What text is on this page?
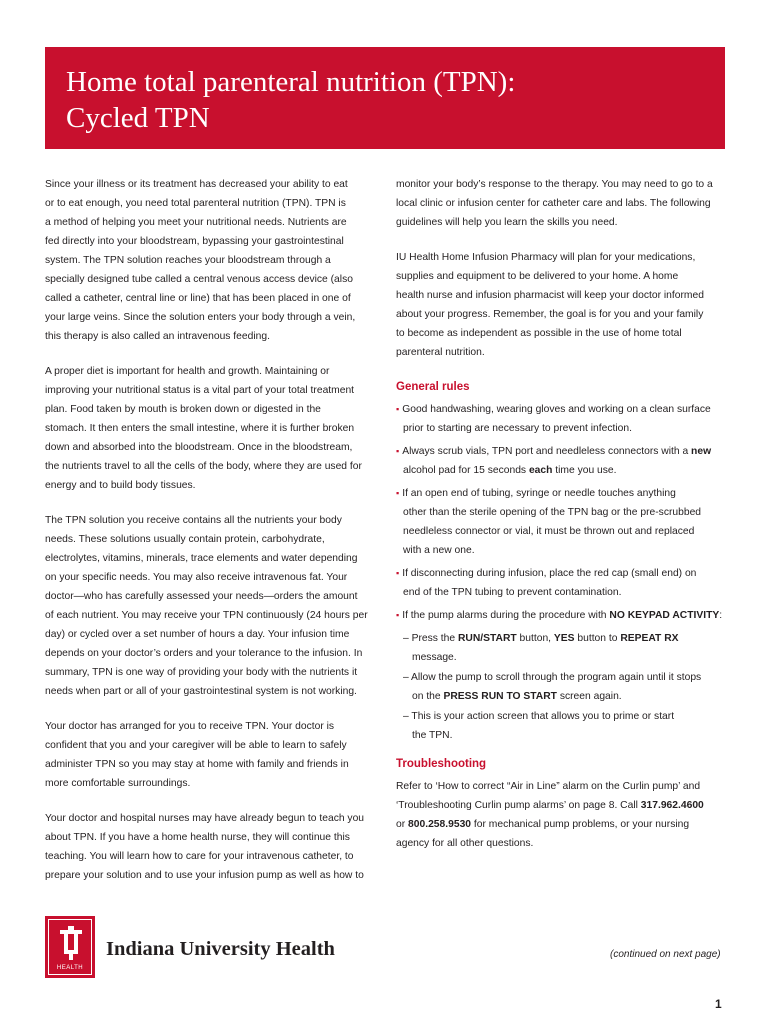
Home total parenteral nutrition (TPN):
Cycled TPN
Since your illness or its treatment has decreased your ability to eat
or to eat enough, you need total parenteral nutrition (TPN). TPN is
a method of helping you meet your nutritional needs. Nutrients are
fed directly into your bloodstream, bypassing your gastrointestinal
system. The TPN solution reaches your bloodstream through a
specially designed tube called a central venous access device (also
called a catheter, central line or line) that has been placed in one of
your large veins. Since the solution enters your body through a vein,
this therapy is also called an intravenous feeding.
A proper diet is important for health and growth. Maintaining or
improving your nutritional status is a vital part of your total treatment
plan. Food taken by mouth is broken down or digested in the
stomach. It then enters the small intestine, where it is further broken
down and absorbed into the bloodstream. Once in the bloodstream,
the nutrients travel to all the cells of the body, where they are used for
energy and to build body tissues.
The TPN solution you receive contains all the nutrients your body
needs. These solutions usually contain protein, carbohydrate,
electrolytes, vitamins, minerals, trace elements and water depending
on your specific needs. You may also receive intravenous fat. Your
doctor—who has carefully assessed your needs—orders the amount
of each nutrient. You may receive your TPN continuously (24 hours per
day) or cycled over a set number of hours a day. Your infusion time
depends on your doctor’s orders and your tolerance to the infusion. In
summary, TPN is one way of providing your body with the nutrients it
needs when part or all of your gastrointestinal system is not working.
Your doctor has arranged for you to receive TPN. Your doctor is
confident that you and your caregiver will be able to learn to safely
administer TPN so you may stay at home with family and friends in
more comfortable surroundings.
Your doctor and hospital nurses may have already begun to teach you
about TPN. If you have a home health nurse, they will continue this
teaching. You will learn how to care for your intravenous catheter, to
prepare your solution and to use your infusion pump as well as how to
monitor your body’s response to the therapy. You may need to go to a
local clinic or infusion center for catheter care and labs. The following
guidelines will help you learn the skills you need.
IU Health Home Infusion Pharmacy will plan for your medications,
supplies and equipment to be delivered to your home. A home
health nurse and infusion pharmacist will keep your doctor informed
about your progress. Remember, the goal is for you and your family
to become as independent as possible in the use of home total
parenteral nutrition.
General rules
▪ Good handwashing, wearing gloves and working on a clean surface
prior to starting are necessary to prevent infection.
▪ Always scrub vials, TPN port and needleless connectors with a new
alcohol pad for 15 seconds each time you use.
▪ If an open end of tubing, syringe or needle touches anything
other than the sterile opening of the TPN bag or the pre-scrubbed
needleless connector or vial, it must be thrown out and replaced
with a new one.
▪ If disconnecting during infusion, place the red cap (small end) on
end of the TPN tubing to prevent contamination.
▪ If the pump alarms during the procedure with NO KEYPAD ACTIVITY:
– Press the RUN/START button, YES button to REPEAT RX
message.
– Allow the pump to scroll through the program again until it stops
on the PRESS RUN TO START screen again.
– This is your action screen that allows you to prime or start
the TPN.
Troubleshooting
Refer to ‘How to correct “Air in Line” alarm on the Curlin pump’ and
‘Troubleshooting Curlin pump alarms’ on page 8. Call 317.962.4600
or 800.258.9530 for mechanical pump problems, or your nursing
agency for all other questions.
HEALTH
Indiana University Health	(continued on next page)
1
